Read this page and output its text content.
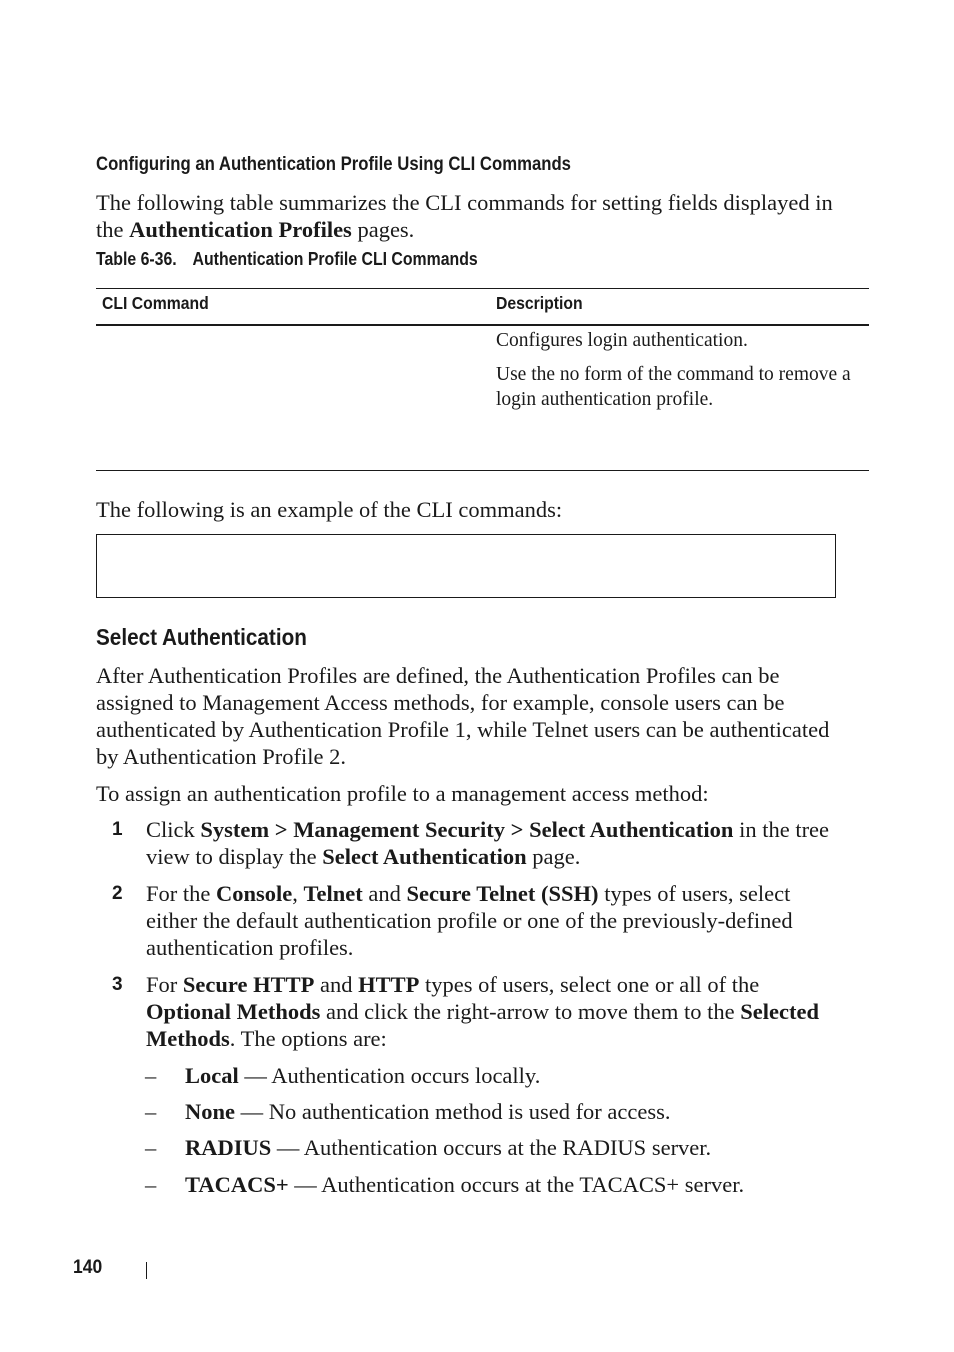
Configuring an Authentication Profile Using CLI Commands
The following table summarizes the CLI commands for setting fields displayed in the Authentication Profiles pages.
Table 6-36. Authentication Profile CLI Commands
CLI Command	Description
Configures login authentication.
Use the no form of the command to remove a login authentication profile.
The following is an example of the CLI commands:
Select Authentication
After Authentication Profiles are defined, the Authentication Profiles can be assigned to Management Access methods, for example, console users can be authenticated by Authentication Profile 1, while Telnet users can be authenticated by Authentication Profile 2.
To assign an authentication profile to a management access method:
1 Click System > Management Security > Select Authentication in the tree view to display the Select Authentication page.
2 For the Console, Telnet and Secure Telnet (SSH) types of users, select either the default authentication profile or one of the previously-defined authentication profiles.
3 For Secure HTTP and HTTP types of users, select one or all of the Optional Methods and click the right-arrow to move them to the Selected Methods. The options are:
– Local — Authentication occurs locally.
– None — No authentication method is used for access.
– RADIUS — Authentication occurs at the RADIUS server.
– TACACS+ — Authentication occurs at the TACACS+ server.
140
